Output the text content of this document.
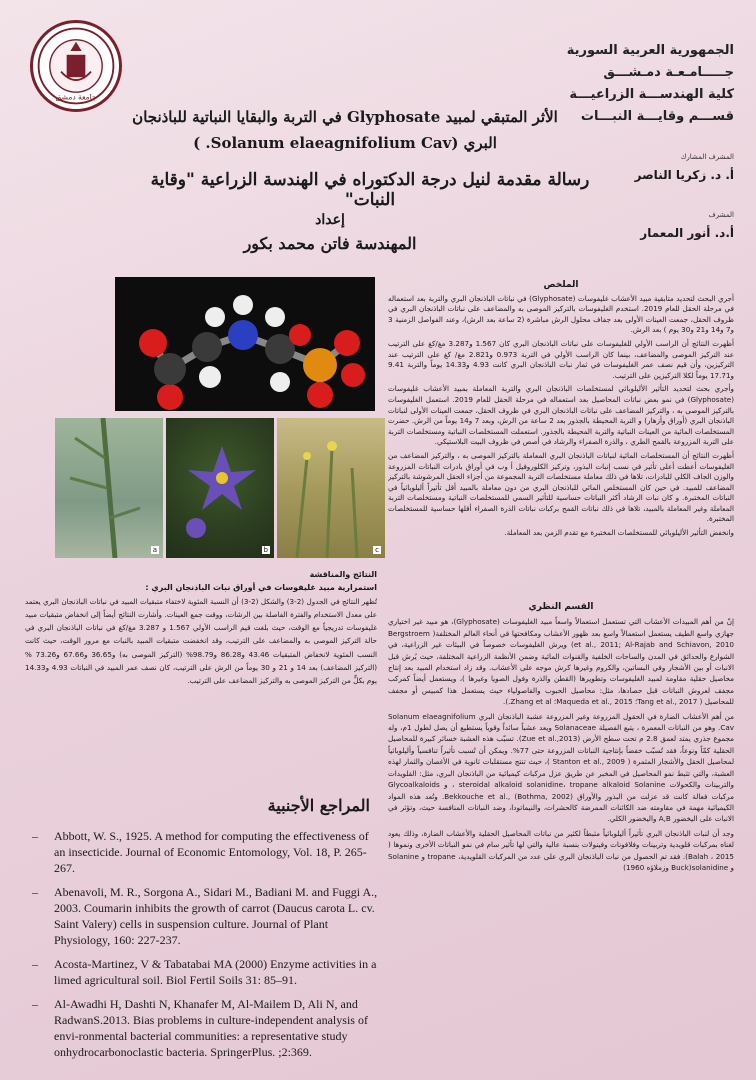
جامعة دمشق
الجمهورية العربية السورية
جـــــامـعـة دمـشـــق
كلية الهندســـة الزراعيـــة
قســـم وقايـــة النبـــات
الأثر المتبقي لمبيد Glyphosate في التربة والبقايا النباتية للباذنجان
البري (Solanum elaeagnifolium Cav. )
رسالة مقدمة لنيل درجة الدكتوراه في الهندسة الزراعية "وقاية النبات"
إعداد
المهندسة فاتن محمد بكور
المشرف المشارك
أ. د. زكريا الناصر
المشرف
أ.د. أنور المعمار
a	b	c
الملخص

أجري البحث لتحديد متابقية مبيد الأعشاب غليفوسات (Glyphosate) في نباتات الباذنجان البري والتربة بعد استعماله في مرحلة الحقل للعام 2019. استخدم الغليفوسات بالتركيز الموصى به والمضاعف على نباتات الباذنجان البري في ظروف الحقل، جمعت العينات الأولى بعد جفاف محلول الرش مباشرة (2 ساعة بعد الرش)، وعند الفواصل الزمنية 3 و7 و14 و21 و30 يوم ) بعد الرش.

أظهرت النتائج أن الراسب الأولي للغليفوسات على نباتات الباذنجان البري كان 1.567 و3.287 مغ/كغ على الترتيب عند التركيز الموصى والمضاعف، بينما كان الراسب الأولي في التربة 0.973 و2.821 مغ/ كغ على الترتيب عند التركيزين، وأن قيم نصف عمر الغليفوسات في ثمار نبات الباذنجان البري كانت 4.93 و14.33 يوماً والتربة 9.41 و17.71 يوماً لكلا التركيزين على الترتيب.

وأجري بحث لتحديد التأثير الأليلوباثي لمستخلصات الباذنجان البري والتربة المعاملة بمبيد الأعشاب غليفوسات (Glyphosate) في نمو بعض نباتات المحاصيل بعد استعماله في مرحلة الحقل للعام 2019. استعمل الغليفوسات بالتركيز الموصى به ، والتركيز المضاعف على نباتات الباذنجان البري في ظروف الحقل، جمعت العينات الأولى لنباتات الباذنجان البري (أوراق وأزهار) و التربة المحيطة بالجذور بعد 2 ساعة من الرش، وبعد 7 و14 يوماً من الرش. حضرت المستخلصات المائية من العينات النباتية والتربة المحيطة بالجذور. استعملت المستخلصات النباتية ومستخلصات التربة على التربة المزروعة بالقمح الطري ، والذرة الصفراء والرشاد في أصص في ظروف البيت البلاستيكي.

أظهرت النتائج أن المستخلصات المائية لنباتات الباذنجان البري المعاملة بالتركيز الموصى به ، والتركيز المضاعف من الغليفوسات أعطت أعلى تأثير في نسب إنبات البذور، وتركيز الكلوروفيل أ وب في أوراق بادرات النباتات المزروعة والوزن الجاف الكلي للبادرات، تلاها في ذلك معاملة مستخلصات التربة المجموعة من أجزاء الحقل المرشوشة بالتركيز المضاعف للمبيد. في حين كان المستخلص المائي للباذنجان البري من دون معاملة بالمبيد أقل تأثيراً أليلوباثياً في النباتات المختبرة. و كان نبات الرشاد أكثر النباتات حساسية للتأثير السمي للمستخلصات النباتية ومستخلصات التربة المعاملة وغير المعاملة بالمبيد، تلاها في ذلك نباتات القمح بركبات نباتات الذرة الصفراء أقلها حساسية للمستخلصات المختبرة.

وانخفض التأثير الأليلوباثي للمستخلصات المختبرة مع تقدم الزمن بعد المعاملة.

القسم النظري

إنّ من أهم المبيدات الأعشاب التي تستعمل استعمالاً واسعاً مبيد الغليفوسات (Glyphosate)، هو مبيد غير اختياري جهازي واسع الطيف يستعمل استعمالاً واسع بعد ظهور الأعشاب ومكافحتها في أنحاء العالم المختلفة( Bergstroem et al., 2011; Al-Rajab and Schiavon, 2010) ويرش الغليفوسات خصوصاً في البيئات غير الزراعية، في الشوارع والحدائق في المدن والساحات الخلفية والقنوات المائية وضمن الأنظمة الزراعية المختلفة، حيث يُرش قبل الانبات أو بين الأشجار وفي البساتين، والكروم وغيرها كرش موجه على الأعشاب. وقد زاد استخدام المبيد بعد إنتاج محاصيل حقلية مقاومة لمبيد الغليفوسات وتطويرها (القطن والذرة وفول الصويا وغيرها )، ويستعمل أيضاً كمركب مجفف لعروش النباتات قبل حصادها، مثل: محاصيل الحبوب والفاصولياء حيث يستعمل هذا كمبيس أو مجفف للمحاصيل ( Tang et al., 2017؛ Maqueda et al., 2015؛ Zhang et al.).

من أهم الأعشاب الضارة في الحقول المزروعة وغير المزروعة عشبة الباذنجان البري Solanum elaeagnifolium Cav. وهو من النباتات المعمرة ، يتبع الفصيلة Solanaceae ويعد عشباً سائداً وقوياً يستطيع أن يصل لطول 1م، وله مجموع جذري يمتد لعمق 2.8 م تحت سطح الأرض (Zue et al.,2013). تسبّب هذه العشبة خسائر كبيرة للمحاصيل الحقلية كمّاً ونوعاً، فقد تُسبّب خفضاً بإنتاجية النباتات المزروعة حتى 77%. ويمكن أن تُسبب تأثيراً تنافسياً وأليلوباثياً لمحاصيل الحقل والأشجار المثمرة ( Stanton et al., 2009 )، حيث تنتج مستقلبات ثانوية في الأغصان والثمار لهذه العشبة، والتي تثبط نمو المحاصيل في المخبر عن طريق عزل مركبات كيميائية من الباذنجان البري، مثل: القلويدات والتربينات والكحولات steroidal alkaloid solanidine، tropane alkaloid Solanine ، و Glycoalkaloids مركبات فعالة كانت قد عزلت من البذور والأوراق Bekkouche et al., (Bothma, 2002). وتُعد هذه المواد الكيميائية مهمة في مقاومته ضد الكائنات الممرضة كالحشرات، والنيماتودا، وضد النباتات المنافسة حيث، وتؤثر في الانبات على اليخضور A,B واليخضور الكلي.

وجد أن لنبات الباذنجان البري تأثيراً أليلوباثياً مثبطاً لكثير من نباتات المحاصيل الحقلية والأعشاب الضارة، وذلك يعود لغناه بمركبات قلويدية وتربينات وفلافونات وفينولات بنسبة عالية والتي لها تأثير سام في نمو النباتات الأخرى ونموها ( Balah ، 2015). فقد تم الحصول من نبات الباذنجان البري على عدد من المركبات القلويدية، tropane و Solanine و solanidine(Buck وزملاؤه 1960)

النتائج والمناقشة
استمرارية مبيد غليفوسات في أوراق نبات الباذنجان البري :

تُظهر النتائج في الجدول (2-3) والشكل (2-3) أن النسبة المئوية لاختفاء متبقيات المبيد في نباتات الباذنجان البري يعتمد على معدل الاستخدام والفترة الفاصلة بين الرشات، ووقت جمع العينات. وأشارت النتائج أيضاً إلى انخفاض متبقيات مبيد غليفوسات تدريجياً مع الوقت، حيث بلغت قيم الراسب الأولي 1.567 و 3.287 مغ/كغ في نباتات الباذنجان البري في حالة التركيز الموصى به والمضاعف على الترتيب، وقد انخفضت متبقيات المبيد بالنبات مع مرور الوقت، حيث كانت النسب المئوية لانخفاض المتبقيات 43.46 و86.28 و98.79% (التركيز الموصى به) و36.65 و67.66 و73.26 % (التركيز المضاعف) بعد 14 و 21 و 30 يوماً من الرش على الترتيب، كان نصف عمر المبيد في النباتات 4.93 و14.33 يوم بكلٍّ من التركيز الموصى به والتركيز المضاعف على الترتيب.

المراجع الأجنبية
–	Abbott, W. S., 1925. A method for computing the effectiveness of an insecticide. Journal of Economic Entomology, Vol. 18, P. 265-267.
–	Abenavoli, M. R., Sorgona A., Sidari M., Badiani M. and Fuggi A., 2003. Coumarin inhibits the growth of carrot (Daucus carota L. cv. Saint Valery) cells in suspension culture. Journal of Plant Physiology, 160: 227-237.
–	Acosta-Martinez, V & Tabatabai MA (2000) Enzyme activities in a limed agricultural soil. Biol Fertil Soils 31: 85–91.
–	Al-Awadhi H, Dashti N, Khanafer M, Al-Mailem D, Ali N, and RadwanS.2013. Bias problems in culture-independent analysis of envi-ronmental bacterial communities: a representative study onhydrocarbonoclastic bacteria. SpringerPlus. ;2:369.
